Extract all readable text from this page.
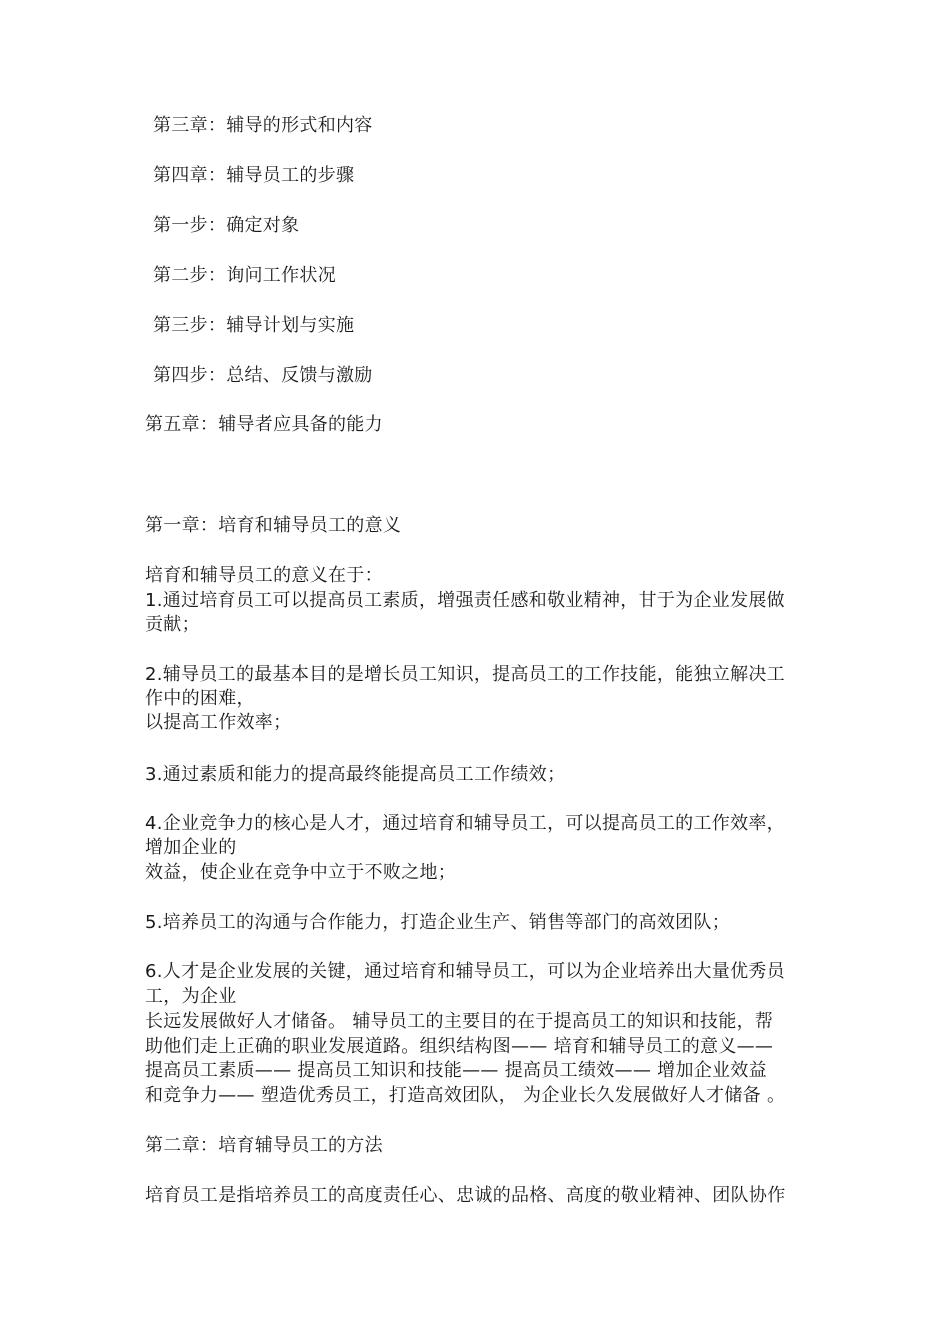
第三章：辅导的形式和内容
第四章：辅导员工的步骤
第一步：确定对象
第二步：询问工作状况
第三步：辅导计划与实施
第四步：总结、反馈与激励
第五章：辅导者应具备的能力
第一章：培育和辅导员工的意义
培育和辅导员工的意义在于：
1.通过培育员工可以提高员工素质，增强责任感和敬业精神，甘于为企业发展做
贡献；
2.辅导员工的最基本目的是增长员工知识，提高员工的工作技能，能独立解决工
作中的困难，
以提高工作效率；
3.通过素质和能力的提高最终能提高员工工作绩效；
4.企业竞争力的核心是人才，通过培育和辅导员工，可以提高员工的工作效率，
增加企业的
效益，使企业在竞争中立于不败之地；
5.培养员工的沟通与合作能力，打造企业生产、销售等部门的高效团队；
6.人才是企业发展的关键，通过培育和辅导员工，可以为企业培养出大量优秀员
工，为企业
长远发展做好人才储备。 辅导员工的主要目的在于提高员工的知识和技能，帮
助他们走上正确的职业发展道路。组织结构图—— 培育和辅导员工的意义——
提高员工素质—— 提高员工知识和技能—— 提高员工绩效—— 增加企业效益
和竞争力—— 塑造优秀员工，打造高效团队， 为企业长久发展做好人才储备 。
第二章：培育辅导员工的方法
培育员工是指培养员工的高度责任心、忠诚的品格、高度的敬业精神、团队协作
